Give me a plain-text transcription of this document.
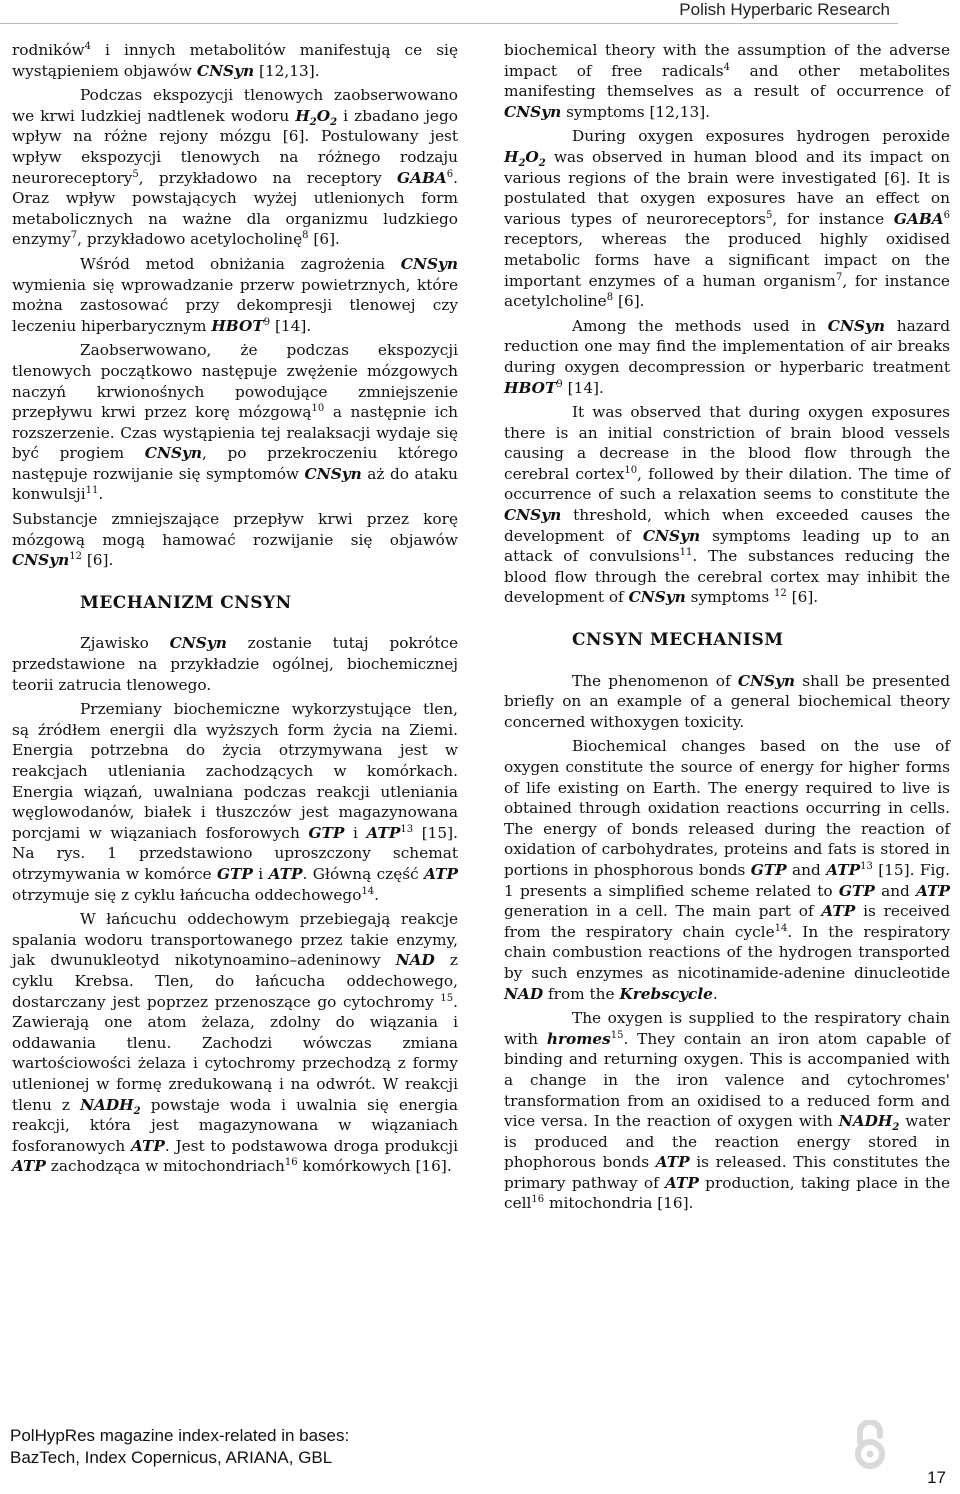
Polish Hyperbaric Research

rodników$^4$ i innych metabolitów manifestują ce się wystąpieniem objawów CNSyn [12,13].

Podczas ekspozycji tlenowych zaobserwowano we krwi ludzkiej nadtlenek wodoru $H_2O_2$ i zbadano jego wpływ na różne rejony mózgu [6]. Postulowany jest wpływ ekspozycji tlenowych na różnego rodzaju neuroreceptory$^5$, przykładowo na receptory GABA$^6$. Oraz wpływ powstających wyżej utlenionych form metabolicznych na ważne dla organizmu ludzkiego enzymy$^7$, przykładowo acetylocholinę$^8$ [6].

Wśród metod obniżania zagrożenia CNSyn wymienia się wprowadzanie przerw powietrznych, które można zastosować przy dekompresji tlenowej czy leczeniu hiperbarycznym HBOT$^9$ [14].

Zaobserwowano, że podczas ekspozycji tlenowych początkowo następuje zwężenie mózgowych naczyń krwionośnych powodujące zmniejszenie przepływu krwi przez korę mózgową$^{10}$ a następnie ich rozszerzenie. Czas wystąpienia tej realaksacji wydaje się być progiem CNSyn, po przekroczeniu którego następuje rozwijanie się symptomów CNSyn aż do ataku konwulsji$^{11}$.

Substancje zmniejszające przepływ krwi przez korę mózgową mogą hamować rozwijanie się objawów CNSyn$^{12}$ [6].

MECHANIZM CNSYN

Zjawisko CNSyn zostanie tutaj pokrótce przedstawione na przykładzie ogólnej, biochemicznej teorii zatrucia tlenowego.

Przemiany biochemiczne wykorzystujące tlen, są źródłem energii dla wyższych form życia na Ziemi. Energia potrzebna do życia otrzymywana jest w reakcjach utleniania zachodzących w komórkach. Energia wiązań, uwalniana podczas reakcji utleniania węglowodanów, białek i tłuszczów jest magazynowana porcjami w wiązaniach fosforowych GTP i ATP$^{13}$ [15]. Na rys. 1 przedstawiono uproszczony schemat otrzymywania w komórce GTP i ATP. Główną część ATP otrzymuje się z cyklu łańcucha oddechowego$^{14}$.

W łańcuchu oddechowym przebiegają reakcje spalania wodoru transportowanego przez takie enzymy, jak dwunukleotyd nikotynoamino–adeninowy NAD z cyklu Krebsa. Tlen, do łańcucha oddechowego, dostarczany jest poprzez przenoszące go cytochromy $^{15}$. Zawierają one atom żelaza, zdolny do wiązania i oddawania tlenu. Zachodzi wówczas zmiana wartościowości żelaza i cytochromy przechodzą z formy utlenionej w formę zredukowaną i na odwrót. W reakcji tlenu z $NADH_2$ powstaje woda i uwalnia się energia reakcji, która jest magazynowana w wiązaniach fosforanowych ATP. Jest to podstawowa droga produkcji ATP zachodząca w mitochondriach$^{16}$ komórkowych [16].

biochemical theory with the assumption of the adverse impact of free radicals$^4$ and other metabolites manifesting themselves as a result of occurrence of CNSyn symptoms [12,13].

During oxygen exposures hydrogen peroxide $H_2O_2$ was observed in human blood and its impact on various regions of the brain were investigated [6]. It is postulated that oxygen exposures have an effect on various types of neuroreceptors$^5$, for instance GABA$^6$ receptors, whereas the produced highly oxidised metabolic forms have a significant impact on the important enzymes of a human organism$^7$, for instance acetylcholine$^8$ [6].

Among the methods used in CNSyn hazard reduction one may find the implementation of air breaks during oxygen decompression or hyperbaric treatment HBOT$^9$ [14].

It was observed that during oxygen exposures there is an initial constriction of brain blood vessels causing a decrease in the blood flow through the cerebral cortex$^{10}$, followed by their dilation. The time of occurrence of such a relaxation seems to constitute the CNSyn threshold, which when exceeded causes the development of CNSyn symptoms leading up to an attack of convulsions$^{11}$. The substances reducing the blood flow through the cerebral cortex may inhibit the development of CNSyn symptoms $^{12}$ [6].

CNSYN MECHANISM

The phenomenon of CNSyn shall be presented briefly on an example of a general biochemical theory concerned withoxygen toxicity.

Biochemical changes based on the use of oxygen constitute the source of energy for higher forms of life existing on Earth. The energy required to live is obtained through oxidation reactions occurring in cells. The energy of bonds released during the reaction of oxidation of carbohydrates, proteins and fats is stored in portions in phosphorous bonds GTP and ATP$^{13}$ [15]. Fig. 1 presents a simplified scheme related to GTP and ATP generation in a cell. The main part of ATP is received from the respiratory chain cycle$^{14}$. In the respiratory chain combustion reactions of the hydrogen transported by such enzymes as nicotinamide-adenine dinucleotide NAD from the Krebscycle.

The oxygen is supplied to the respiratory chain with hromes$^{15}$. They contain an iron atom capable of binding and returning oxygen. This is accompanied with a change in the iron valence and cytochromes' transformation from an oxidised to a reduced form and vice versa. In the reaction of oxygen with $NADH_2$ water is produced and the reaction energy stored in phophorous bonds ATP is released. This constitutes the primary pathway of ATP production, taking place in the cell$^{16}$ mitochondria [16].

PolHypRes magazine index-related in bases:
BazTech, Index Copernicus, ARIANA, GBL
17
